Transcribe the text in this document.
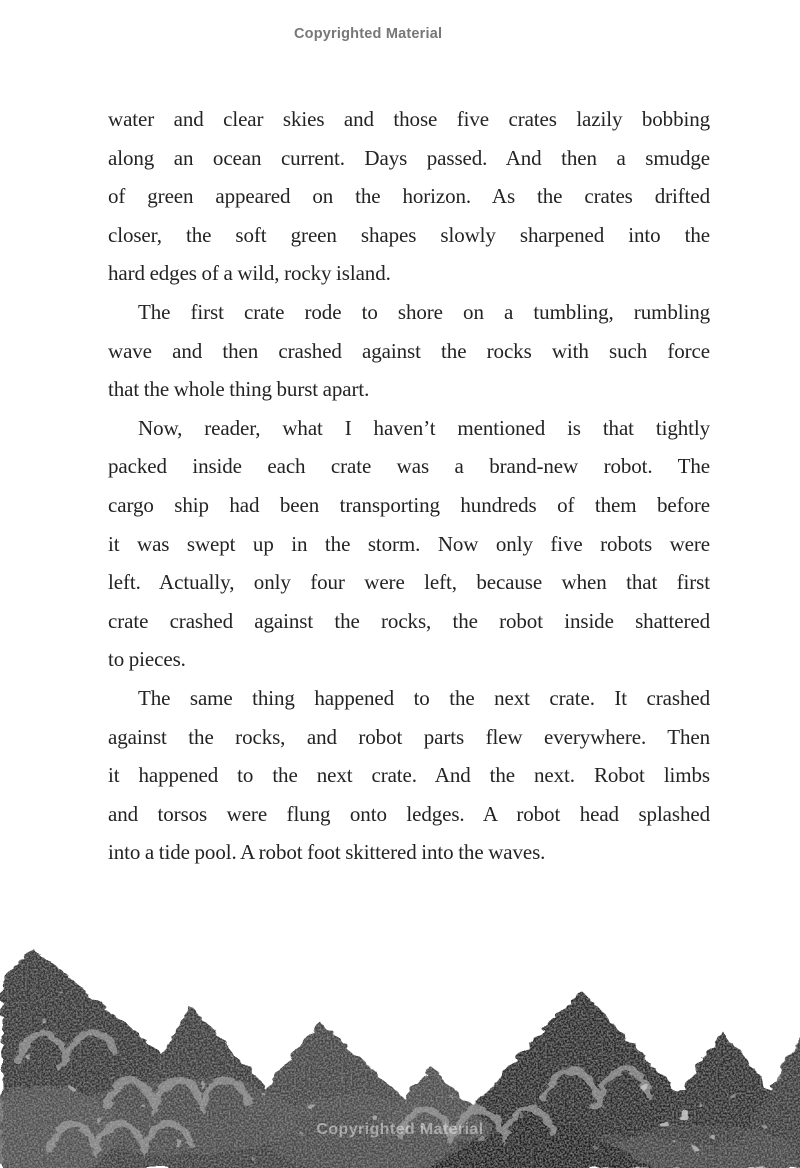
Copyrighted Material
water and clear skies and those five crates lazily bobbing
along an ocean current. Days passed. And then a smudge
of green appeared on the horizon. As the crates drifted
closer, the soft green shapes slowly sharpened into the
hard edges of a wild, rocky island.
The first crate rode to shore on a tumbling, rumbling
wave and then crashed against the rocks with such force
that the whole thing burst apart.
Now, reader, what I haven’t mentioned is that tightly
packed inside each crate was a brand-new robot. The
cargo ship had been transporting hundreds of them before
it was swept up in the storm. Now only five robots were
left. Actually, only four were left, because when that first
crate crashed against the rocks, the robot inside shattered
to pieces.
The same thing happened to the next crate. It crashed
against the rocks, and robot parts flew everywhere. Then
it happened to the next crate. And the next. Robot limbs
and torsos were flung onto ledges. A robot head splashed
into a tide pool. A robot foot skittered into the waves.
Copyrighted Material
